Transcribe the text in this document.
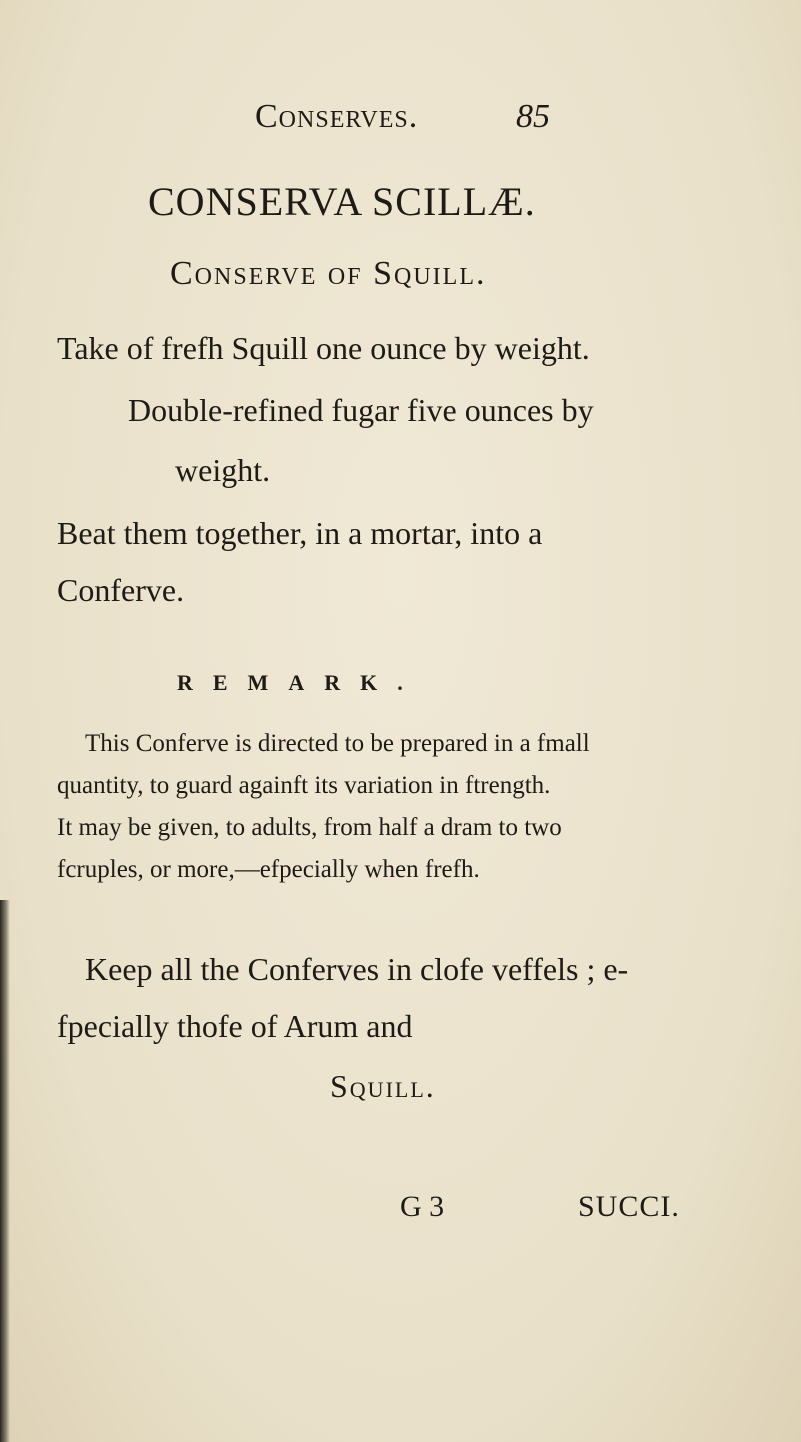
Conserves.	85
CONSERVA SCILLÆ.
Conserve of Squill.
Take of frefh Squill one ounce by weight.
Double-refined fugar five ounces by
weight.
Beat them together, in a mortar, into a
Conferve.
REMARK.
This Conferve is directed to be prepared in a fmall
quantity, to guard againft its variation in ftrength.
It may be given, to adults, from half a dram to two
fcruples, or more,—efpecially when frefh.
Keep all the Conferves in clofe veffels ; e-
fpecially thofe of Arum and
Squill.
G 3	SUCCI.
